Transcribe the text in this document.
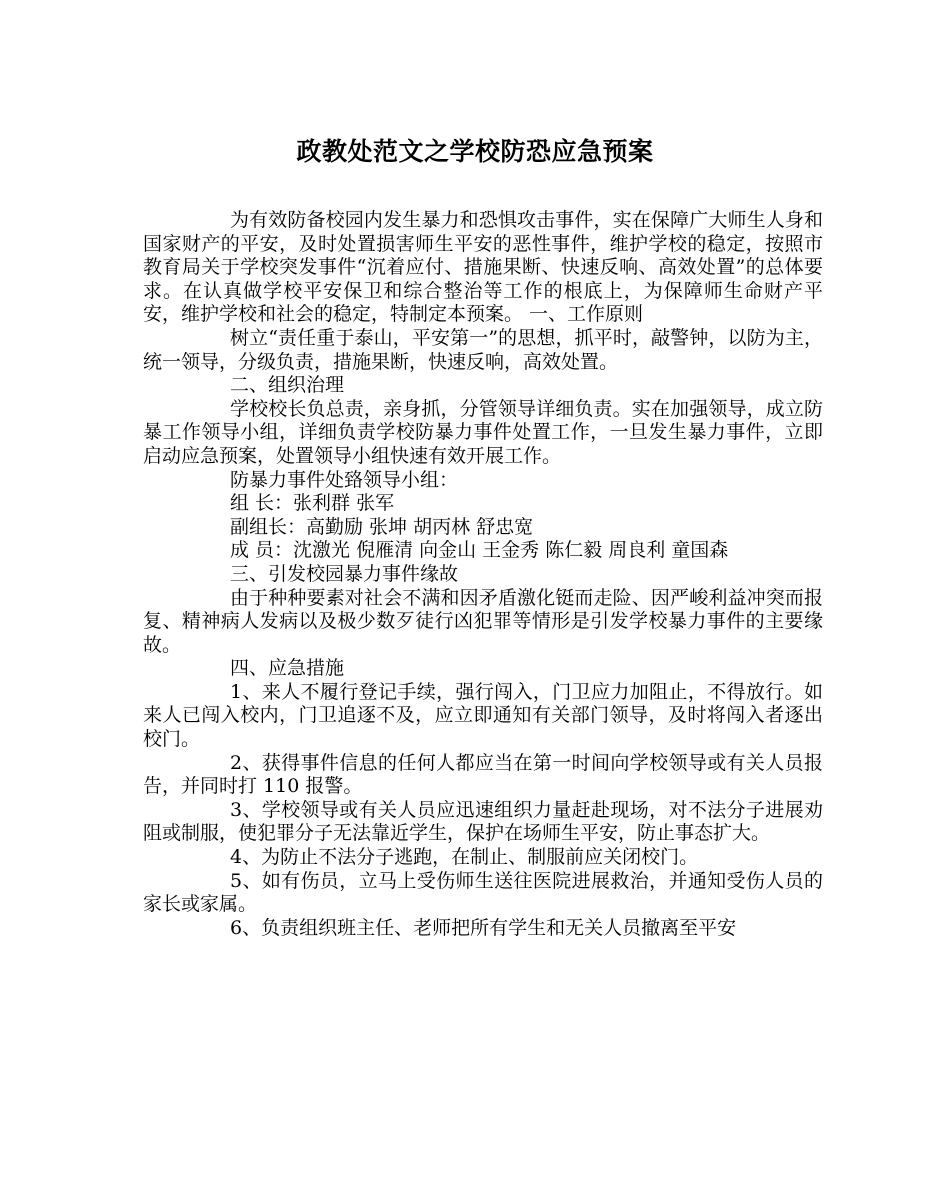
政教处范文之学校防恐应急预案

为有效防备校园内发生暴力和恐惧攻击事件，实在保障广大师生人身和国家财产的平安，及时处置损害师生平安的恶性事件，维护学校的稳定，按照市教育局关于学校突发事件“沉着应付、措施果断、快速反响、高效处置”的总体要求。在认真做学校平安保卫和综合整治等工作的根底上，为保障师生命财产平安，维护学校和社会的稳定，特制定本预案。 一、工作原则

树立“责任重于泰山，平安第一”的思想，抓平时，敲警钟，以防为主，统一领导，分级负责，措施果断，快速反响，高效处置。

二、组织治理

学校校长负总责，亲身抓，分管领导详细负责。实在加强领导，成立防暴工作领导小组，详细负责学校防暴力事件处置工作，一旦发生暴力事件，立即启动应急预案，处置领导小组快速有效开展工作。

防暴力事件处臵领导小组：

组 长：张利群 张军

副组长：高勤励 张坤 胡丙林 舒忠宽

成 员：沈激光 倪雁清 向金山 王金秀 陈仁毅 周良利 童国森

三、引发校园暴力事件缘故

由于种种要素对社会不满和因矛盾激化铤而走险、因严峻利益冲突而报复、精神病人发病以及极少数歹徒行凶犯罪等情形是引发学校暴力事件的主要缘故。

四、应急措施

1、来人不履行登记手续，强行闯入，门卫应力加阻止，不得放行。如来人已闯入校内，门卫追逐不及，应立即通知有关部门领导，及时将闯入者逐出校门。

2、获得事件信息的任何人都应当在第一时间向学校领导或有关人员报告，并同时打 110 报警。

3、学校领导或有关人员应迅速组织力量赶赴现场，对不法分子进展劝阻或制服，使犯罪分子无法靠近学生，保护在场师生平安，防止事态扩大。

4、为防止不法分子逃跑，在制止、制服前应关闭校门。

5、如有伤员，立马上受伤师生送往医院进展救治，并通知受伤人员的家长或家属。

6、负责组织班主任、老师把所有学生和无关人员撤离至平安
